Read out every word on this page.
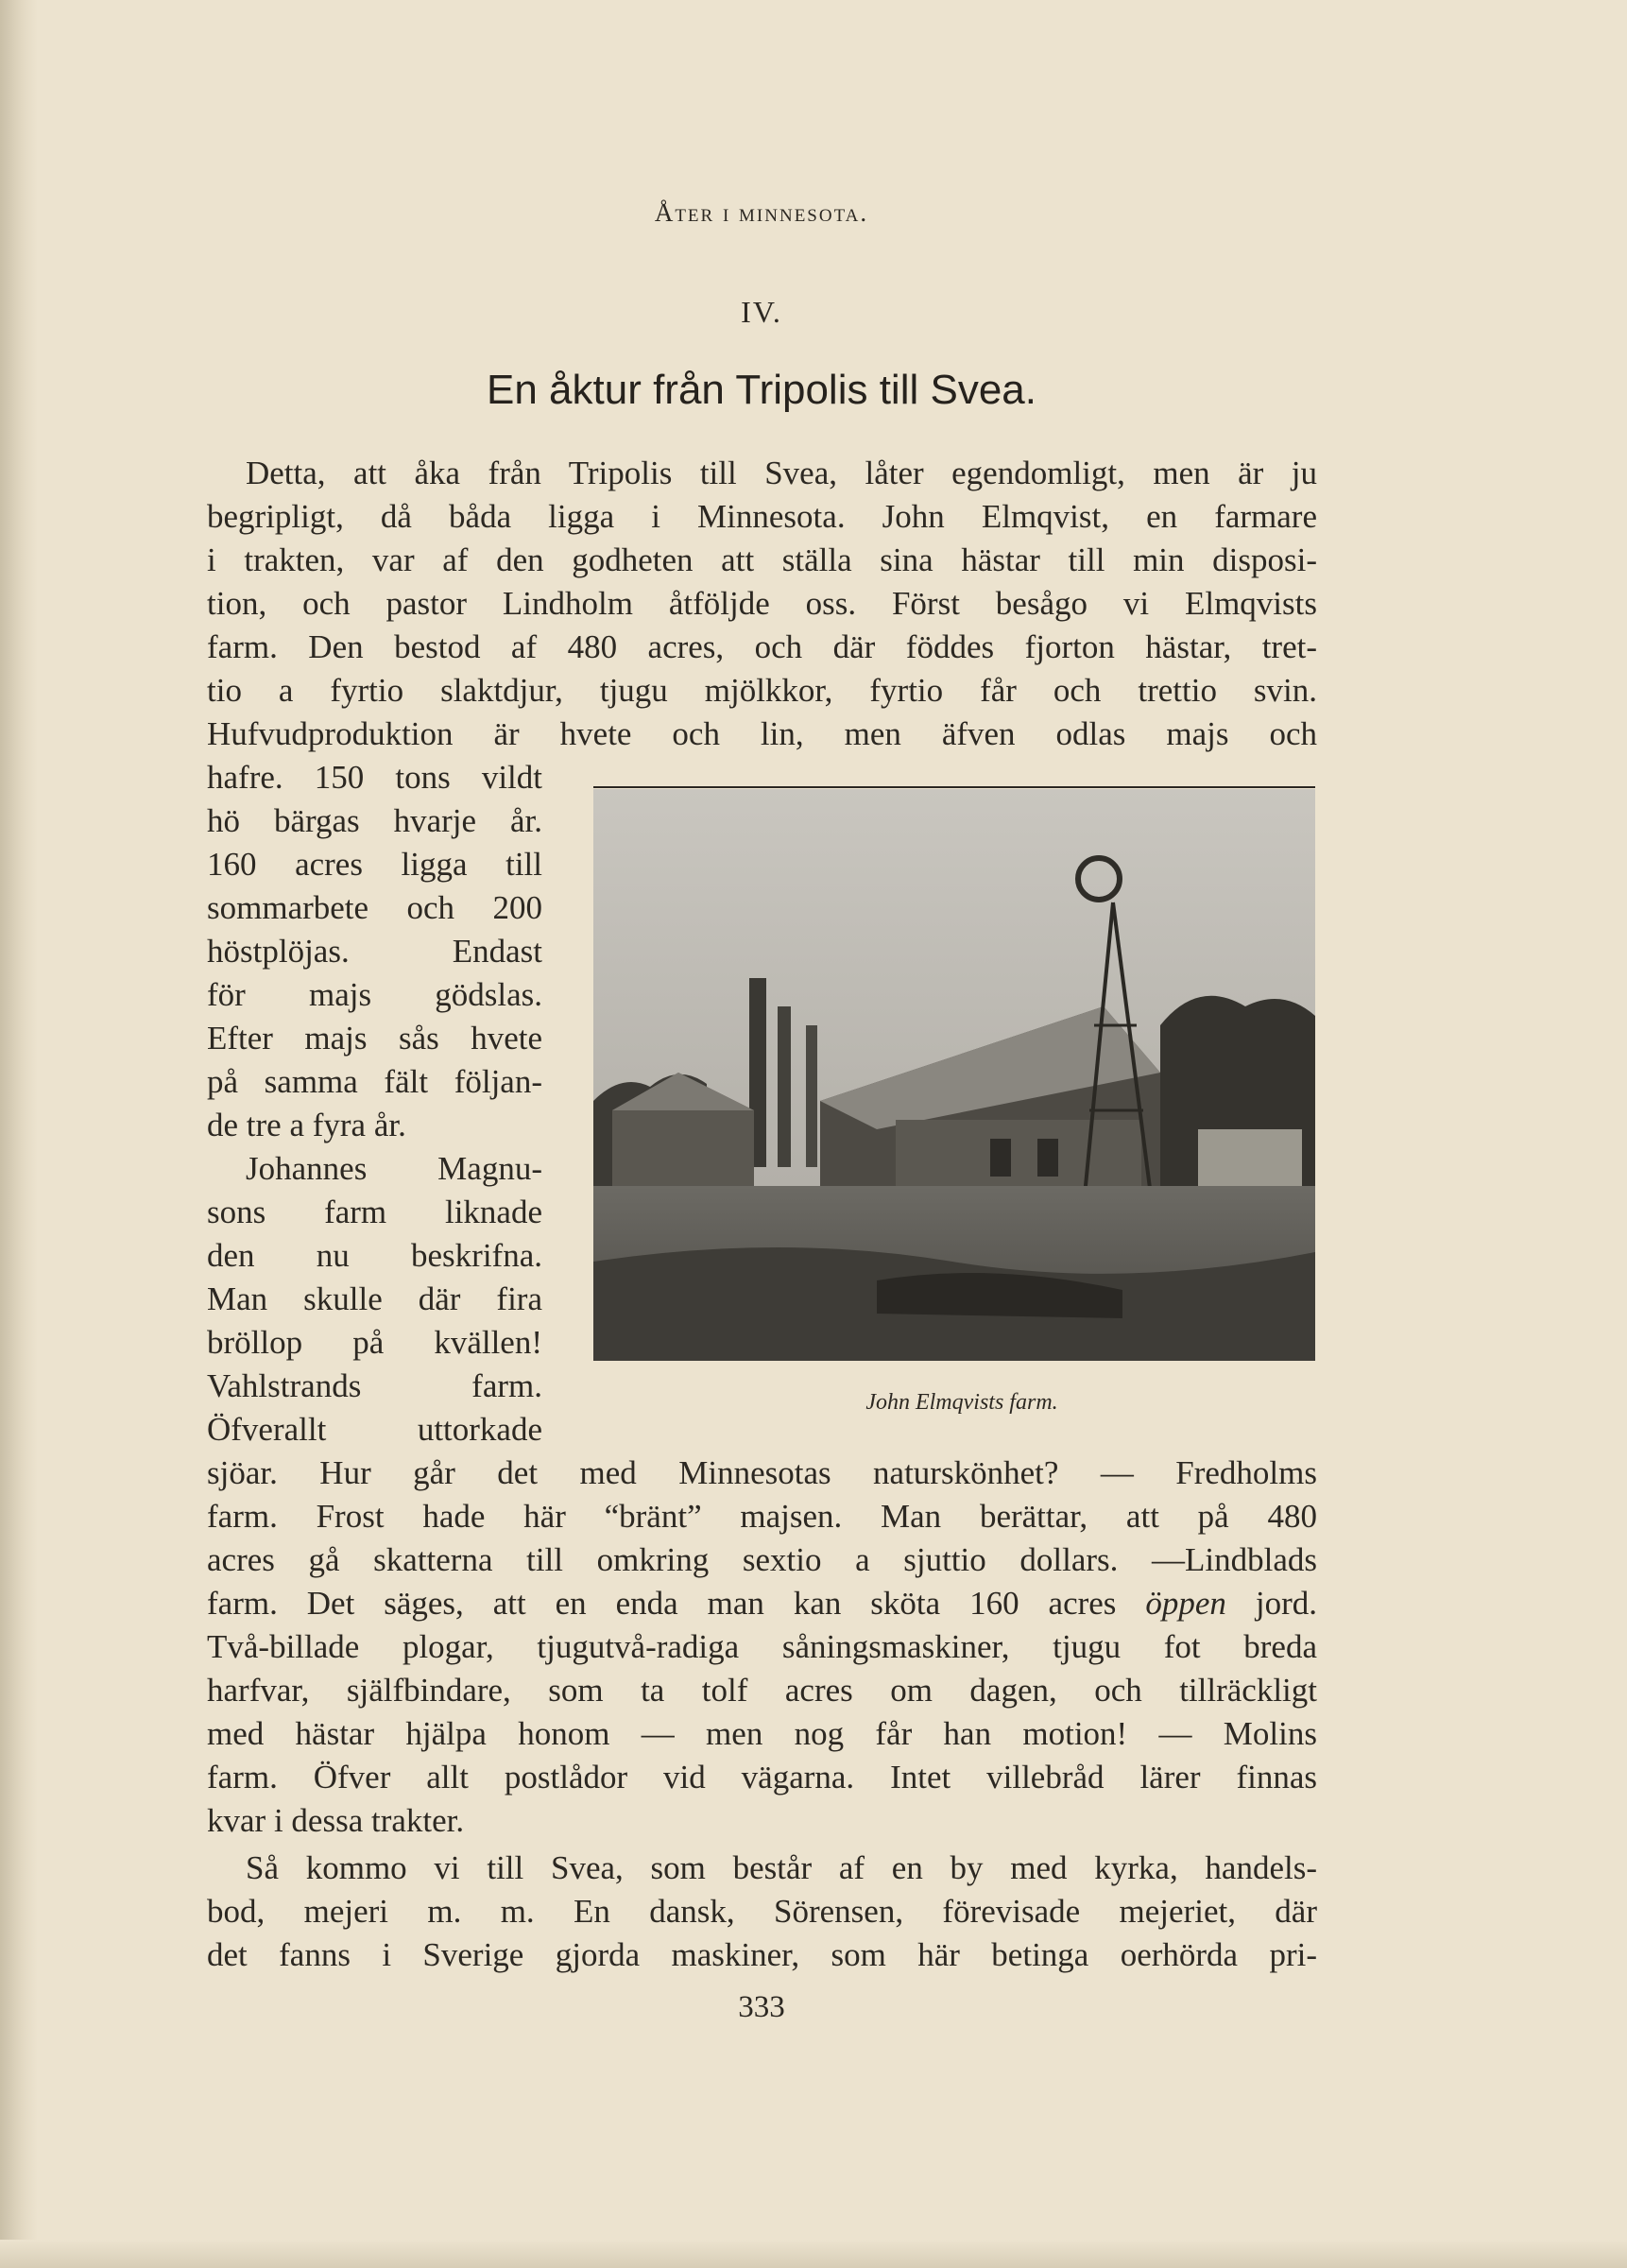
Åter i minnesota.
IV.
En åktur från Tripolis till Svea.
Detta, att åka från Tripolis till Svea, låter egendomligt, men är ju
begripligt, då båda ligga i Minnesota. John Elmqvist, en farmare
i trakten, var af den godheten att ställa sina hästar till min disposi-
tion, och pastor Lindholm åtföljde oss. Först besågo vi Elmqvists
farm. Den bestod af 480 acres, och där föddes fjorton hästar, tret-
tio a fyrtio slaktdjur, tjugu mjölkkor, fyrtio får och trettio svin.
Hufvudproduktion är hvete och lin, men äfven odlas majs och
hafre. 150 tons vildt
hö bärgas hvarje år.
160 acres ligga till
sommarbete och 200
höstplöjas. Endast
för majs gödslas.
Efter majs sås hvete
på samma fält följan-
de tre a fyra år.
Johannes Magnu-
sons farm liknade
den nu beskrifna.
Man skulle där fira
bröllop på kvällen!
Vahlstrands farm.
Öfverallt uttorkade
John Elmqvists farm.
sjöar. Hur går det med Minnesotas naturskönhet? — Fredholms
farm. Frost hade här “bränt” majsen. Man berättar, att på 480
acres gå skatterna till omkring sextio a sjuttio dollars. —Lindblads
farm. Det säges, att en enda man kan sköta 160 acres öppen jord.
Två-billade plogar, tjugutvå-radiga såningsmaskiner, tjugu fot breda
harfvar, själfbindare, som ta tolf acres om dagen, och tillräckligt
med hästar hjälpa honom — men nog får han motion! — Molins
farm. Öfver allt postlådor vid vägarna. Intet villebråd lärer finnas
kvar i dessa trakter.
Så kommo vi till Svea, som består af en by med kyrka, handels-
bod, mejeri m. m. En dansk, Sörensen, förevisade mejeriet, där
det fanns i Sverige gjorda maskiner, som här betinga oerhörda pri-
333
